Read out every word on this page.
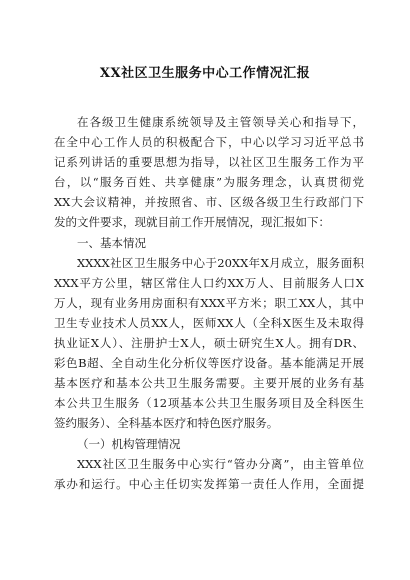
XX社区卫生服务中心工作情况汇报
在各级卫生健康系统领导及主管领导关心和指导下，
在全中心工作人员的积极配合下，中心以学习习近平总书
记系列讲话的重要思想为指导，以社区卫生服务工作为平
台，以“服务百姓、共享健康”为服务理念，认真贯彻党
XX大会议精神，并按照省、市、区级各级卫生行政部门下
发的文件要求，现就目前工作开展情况，现汇报如下：
一、基本情况
XXXX社区卫生服务中心于20XX年X月成立，服务面积
XXX平方公里，辖区常住人口约XX万人、目前服务人口X
万人，现有业务用房面积有XXX平方米；职工XX人，其中
卫生专业技术人员XX人，医师XX人（全科X医生及未取得
执业证X人）、注册护士X人，硕士研究生X人。拥有DR、
彩色B超、全自动生化分析仪等医疗设备。基本能满足开展
基本医疗和基本公共卫生服务需要。主要开展的业务有基
本公共卫生服务（12项基本公共卫生服务项目及全科医生
签约服务）、全科基本医疗和特色医疗服务。
（一）机构管理情况
XXX社区卫生服务中心实行“管办分离”，由主管单位
承办和运行。中心主任切实发挥第一责任人作用，全面提
